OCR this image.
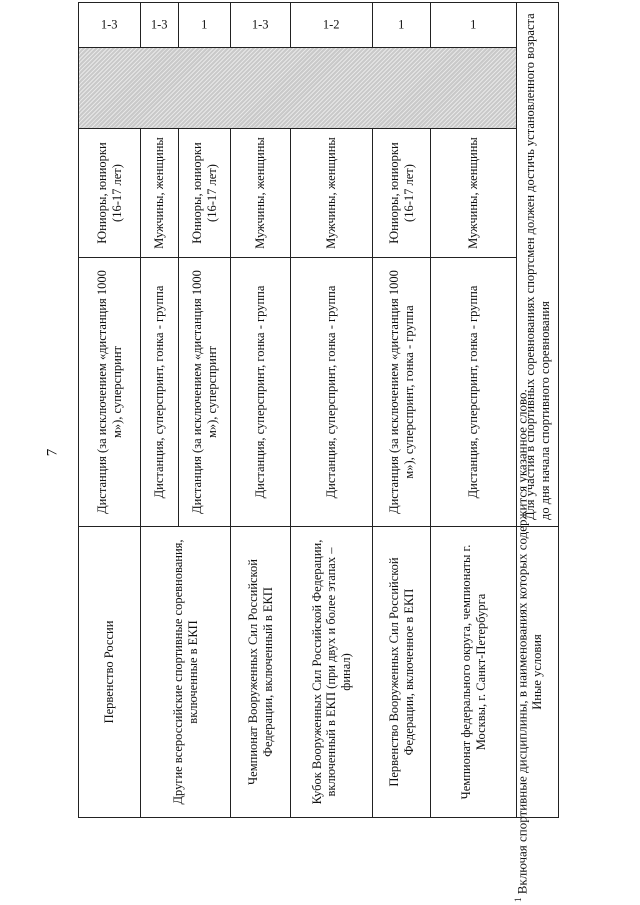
7
Первенство России	Дистанция (за исключением «дистанция 1000 м»), суперспринт	Юниоры, юниорки (16-17 лет)		1-3
Другие всероссийские спортивные соревнования, включенные в ЕКП	Дистанция, суперспринт, гонка - группа	Мужчины, женщины		1-3
	Дистанция (за исключением «дистанция 1000 м»), суперспринт	Юниоры, юниорки (16-17 лет)		1
Чемпионат Вооруженных Сил Российской Федерации, включенный в ЕКП	Дистанция, суперспринт, гонка - группа	Мужчины, женщины		1-3
Кубок Вооруженных Сил Российской Федерации, включенный в ЕКП (при двух и более этапах – финал)	Дистанция, суперспринт, гонка - группа	Мужчины, женщины		1-2
Первенство Вооруженных Сил Российской Федерации, включенное в ЕКП	Дистанция (за исключением «дистанция 1000 м»), суперспринт, гонка - группа	Юниоры, юниорки (16-17 лет)		1
Чемпионат федерального округа, чемпионаты г. Москвы, г. Санкт-Петербурга	Дистанция, суперспринт, гонка - группа	Мужчины, женщины		1
Иные условия	Для участия в спортивных соревнованиях спортсмен должен достичь установленного возраста до дня начала спортивного соревнования			
$^1$ Включая спортивные дисциплины, в наименованиях которых содержится указанное слово.
